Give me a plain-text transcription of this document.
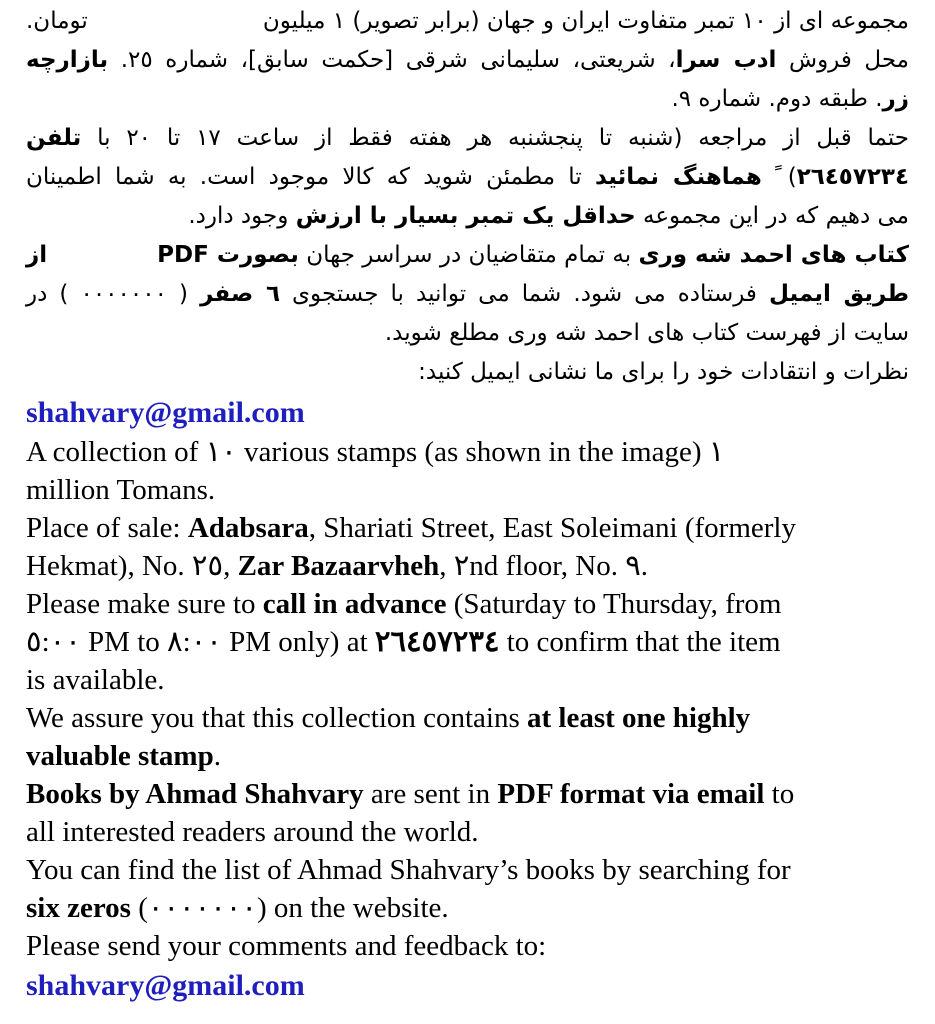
مجموعه ای از ١٠ تمبر متفاوت ایران و جهان (برابر تصویر) ١ میلیون
تومان.
محل فروش ادب سرا، شریعتی، سلیمانی شرقی [حکمت سابق]، شماره ٢٥. بازارچه
زر. طبقه دوم. شماره ٩.
حتما قبل از مراجعه (شنبه تا پنجشنبه هر هفته فقط از ساعت ١٧ تا ٢٠ با تلفن
٢٦٤٥٧٢٣٤) ً هماهنگ نمائید تا مطمئن شوید که کالا موجود است. به شما اطمینان
می دهیم که در این مجموعه حداقل یک تمبر بسیار با ارزش وجود دارد.
کتاب های احمد شه وری به تمام متقاضیان در سراسر جهان بصورت PDF
از
طریق ایمیل فرستاده می شود. شما می توانید با جستجوی ٦ صفر ( ٠٠٠٠٠٠٠ ) در
سایت از فهرست کتاب های احمد شه وری مطلع شوید.
نظرات و انتقادات خود را برای ما نشانی ایمیل کنید:
shahvary@gmail.com
A collection of ١٠ various stamps (as shown in the image) ١
million Tomans.
Place of sale: Adabsara, Shariati Street, East Soleimani (formerly
Hekmat), No. ٢٥, Zar Bazaarvheh, ٢nd floor, No. ٩.
Please make sure to call in advance (Saturday to Thursday, from
٥:٠٠ PM to ٨:٠٠ PM only) at ٢٦٤٥٧٢٣٤ to confirm that the item
is available.
We assure you that this collection contains at least one highly
valuable stamp.
Books by Ahmad Shahvary are sent in PDF format via email to
all interested readers around the world.
You can find the list of Ahmad Shahvary’s books by searching for
six zeros (٠٠٠٠٠٠٠) on the website.
Please send your comments and feedback to:
shahvary@gmail.com
